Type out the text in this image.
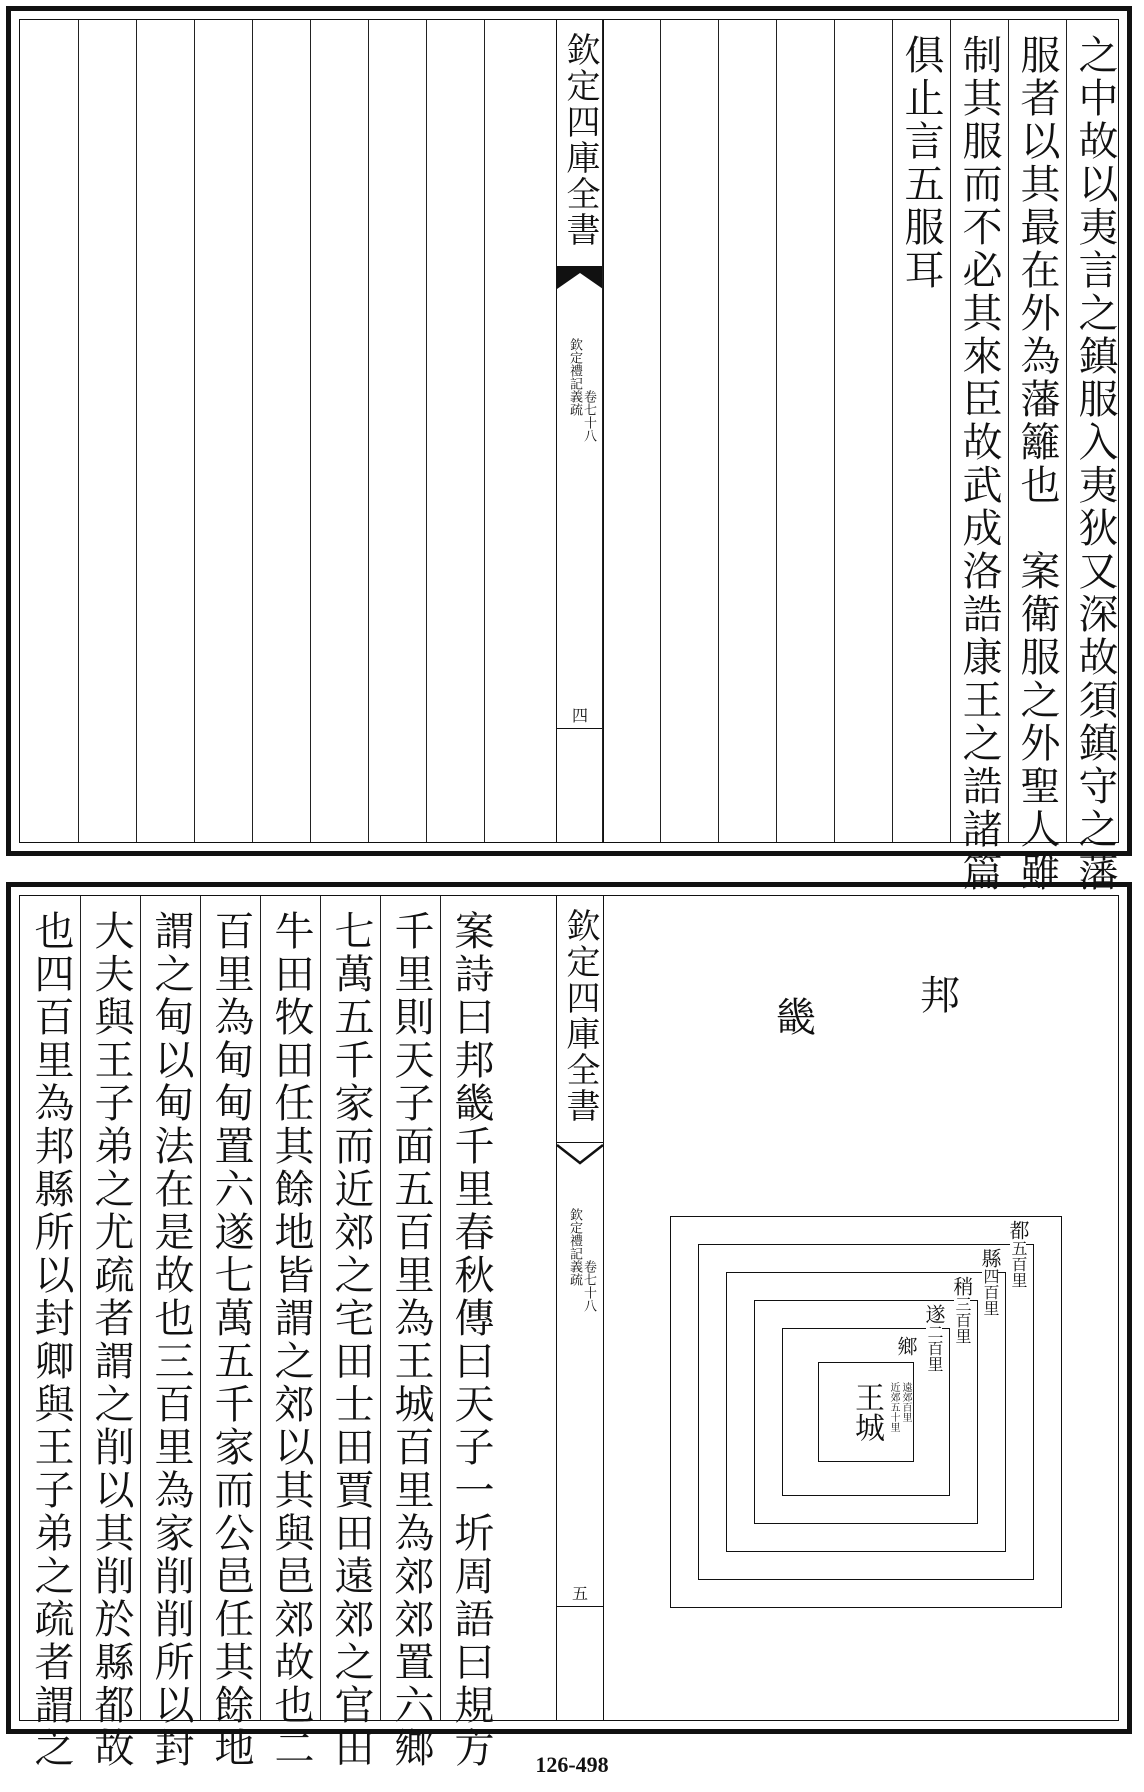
欽定四庫全書
欽定禮記義疏 卷七十八
四	之中故以夷言之鎮服入夷狄又深故須鎮守之藩
服者以其最在外為藩籬也　案衛服之外聖人雖
制其服而不必其來臣故武成洛誥康王之誥諸篇
俱止言五服耳
案詩曰邦畿千里春秋傳曰天子一圻周語曰規方
千里則天子面五百里為王城百里為郊郊置六鄉
七萬五千家而近郊之宅田士田賈田遠郊之官田
牛田牧田任其餘地皆謂之郊以其與邑郊故也二
百里為甸甸置六遂七萬五千家而公邑任其餘地
謂之甸以甸法在是故也三百里為家削削所以封
大夫與王子弟之尤疏者謂之削以其削於縣都故
也四百里為邦縣所以封卿與王子弟之疏者謂之	欽定四庫全書
欽定禮記義疏 卷七十八
五
邦
畿
都五百里
縣四百里
稍三百里
遂二百里
鄉
王城	遠郊百里
近郊五十里
126-498
